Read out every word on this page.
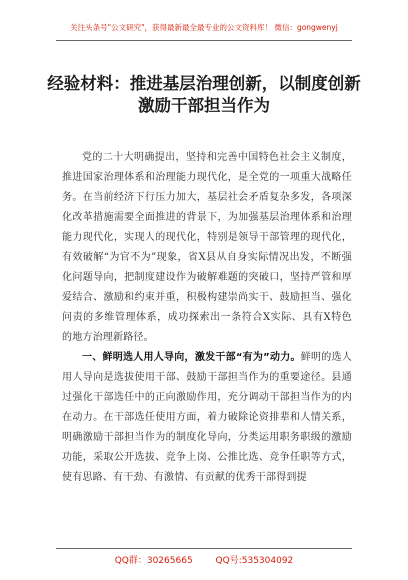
关注头条号"公文研究"，获得最新最全最专业的公文资料库！ 微信：gongwenyj
经验材料：推进基层治理创新，以制度创新激励干部担当作为

党的二十大明确提出，坚持和完善中国特色社会主义制度，推进国家治理体系和治理能力现代化，是全党的一项重大战略任务。在当前经济下行压力加大，基层社会矛盾复杂多发，各项深化改革措施需要全面推进的背景下，为加强基层治理体系和治理能力现代化，实现人的现代化，特别是领导干部管理的现代化，有效破解“为官不为”现象，省X县从自身实际情况出发，不断强化问题导向，把制度建设作为破解难题的突破口，坚持严管和厚爱结合、激励和约束并重，积极构建崇尚实干、鼓励担当、强化问责的多维管理体系，成功探索出一条符合X实际、具有X特色的地方治理新路径。

一、鲜明选人用人导向，激发干部“有为”动力。鲜明的选人用人导向是选拔使用干部、鼓励干部担当作为的重要途径。县通过强化干部选任中的正向激励作用，充分调动干部担当作为的内在动力。在干部选任使用方面，着力破除论资排辈和人情关系，明确激励干部担当作为的制度化导向，分类运用职务职级的激励功能，采取公开选拔、竞争上岗、公推比选、竞争任职等方式，使有思路、有干劲、有激情、有贡献的优秀干部得到提

QQ群：30265665        QQ号:535304092
